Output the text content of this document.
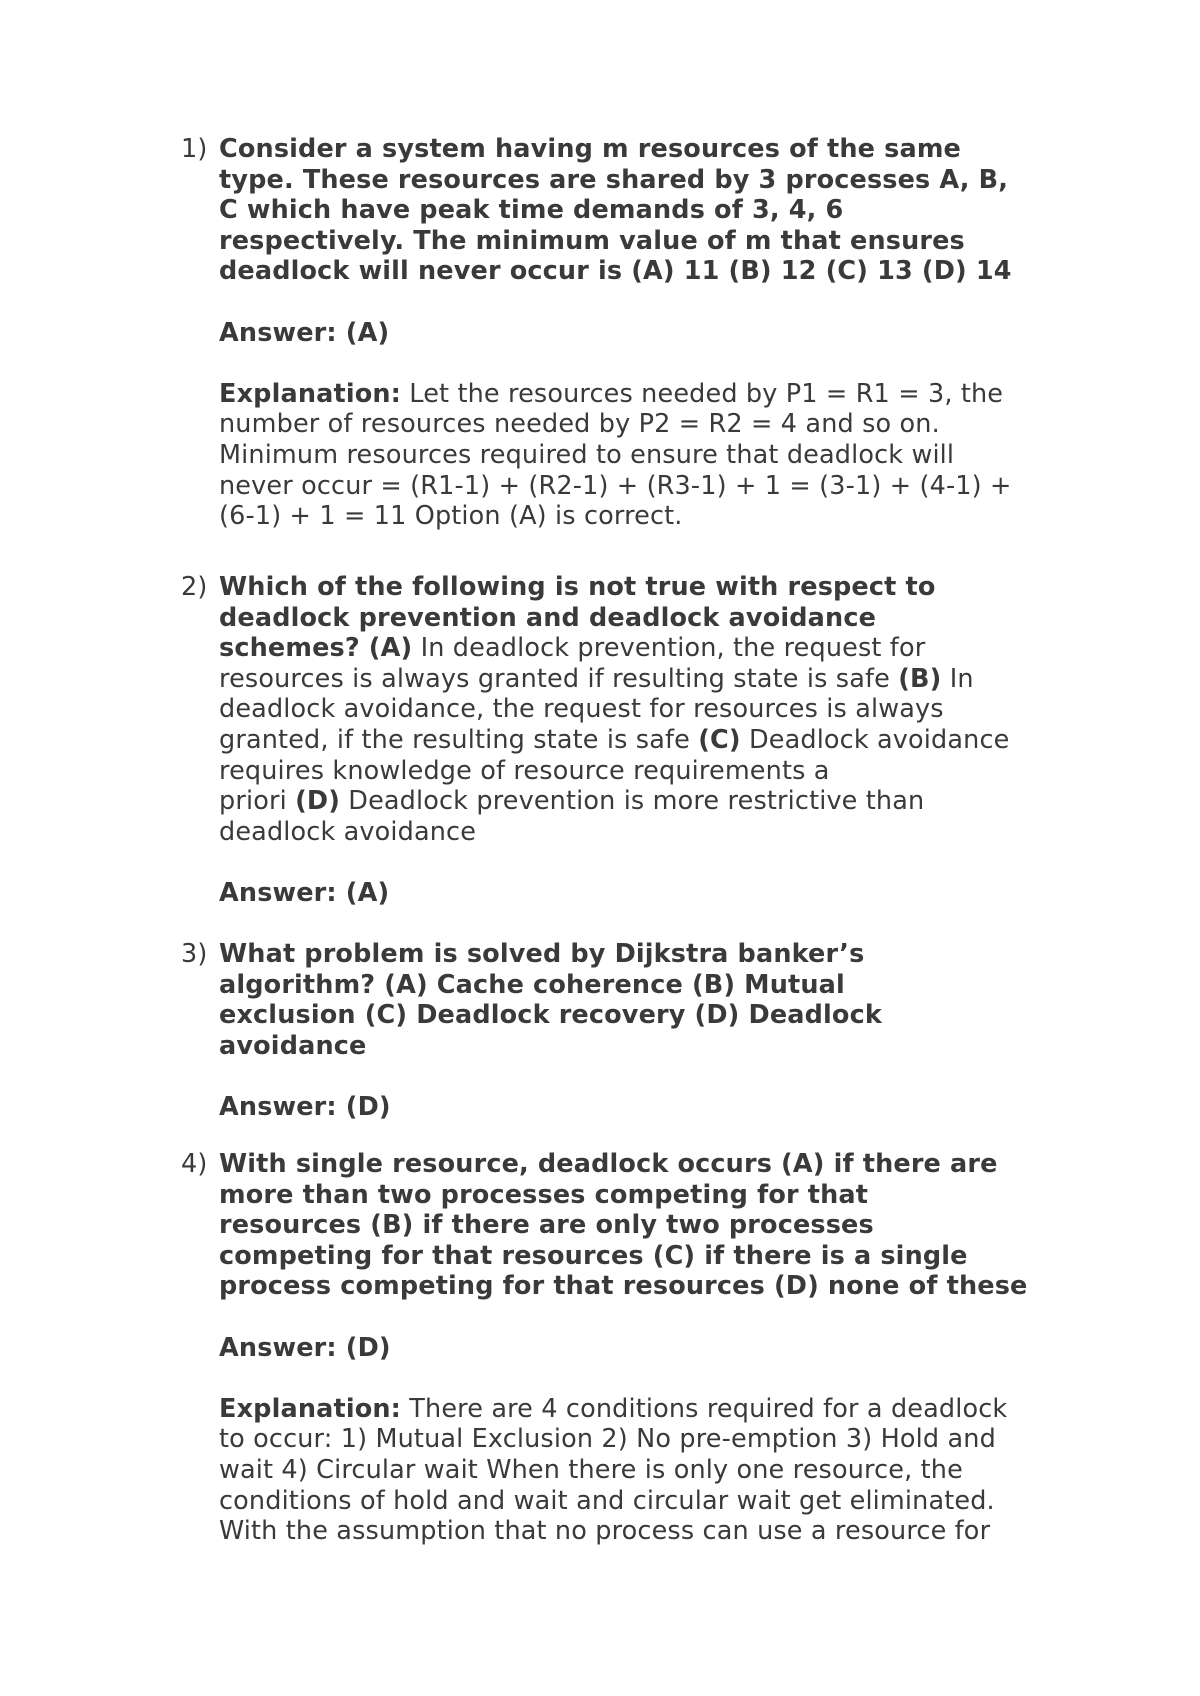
1) Consider a system having m resources of the same
type. These resources are shared by 3 processes A, B,
C which have peak time demands of 3, 4, 6
respectively. The minimum value of m that ensures
deadlock will never occur is (A) 11 (B) 12 (C) 13 (D) 14
Answer: (A)
Explanation: Let the resources needed by P1 = R1 = 3, the
number of resources needed by P2 = R2 = 4 and so on.
Minimum resources required to ensure that deadlock will
never occur = (R1-1) + (R2-1) + (R3-1) + 1 = (3-1) + (4-1) +
(6-1) + 1 = 11 Option (A) is correct.
2) Which of the following is not true with respect to
deadlock prevention and deadlock avoidance
schemes? (A) In deadlock prevention, the request for
resources is always granted if resulting state is safe (B) In
deadlock avoidance, the request for resources is always
granted, if the resulting state is safe (C) Deadlock avoidance
requires knowledge of resource requirements a
priori (D) Deadlock prevention is more restrictive than
deadlock avoidance
Answer: (A)
3) What problem is solved by Dijkstra banker’s
algorithm? (A) Cache coherence (B) Mutual
exclusion (C) Deadlock recovery (D) Deadlock
avoidance
Answer: (D)
4) With single resource, deadlock occurs (A) if there are
more than two processes competing for that
resources (B) if there are only two processes
competing for that resources (C) if there is a single
process competing for that resources (D) none of these
Answer: (D)
Explanation: There are 4 conditions required for a deadlock
to occur: 1) Mutual Exclusion 2) No pre-emption 3) Hold and
wait 4) Circular wait When there is only one resource, the
conditions of hold and wait and circular wait get eliminated.
With the assumption that no process can use a resource for
